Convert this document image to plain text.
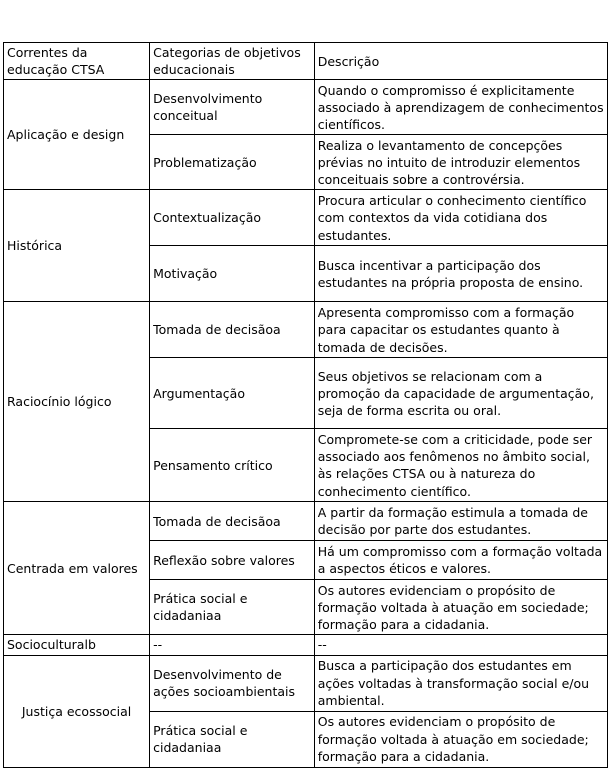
Correntes da educação CTSA	Categorias de objetivos educacionais	Descrição
Aplicação e design	Desenvolvimento conceitual	Quando o compromisso é explicitamente associado à aprendizagem de conhecimentos científicos.
	Problematização	Realiza o levantamento de concepções prévias no intuito de introduzir elementos conceituais sobre a controvérsia.
Histórica	Contextualização	Procura articular o conhecimento científico com contextos da vida cotidiana dos estudantes.
	Motivação	Busca incentivar a participação dos estudantes na própria proposta de ensino.
Raciocínio lógico	Tomada de decisãoa	Apresenta compromisso com a formação para capacitar os estudantes quanto à tomada de decisões.
	Argumentação	Seus objetivos se relacionam com a promoção da capacidade de argumentação, seja de forma escrita ou oral.
	Pensamento crítico	Compromete-se com a criticidade, pode ser associado aos fenômenos no âmbito social, às relações CTSA ou à natureza do conhecimento científico.
Centrada em valores	Tomada de decisãoa	A partir da formação estimula a tomada de decisão por parte dos estudantes.
	Reflexão sobre valores	Há um compromisso com a formação voltada a aspectos éticos e valores.
	Prática social e cidadaniaa	Os autores evidenciam o propósito de formação voltada à atuação em sociedade; formação para a cidadania.
Socioculturalb	--	--
Justiça ecossocial	Desenvolvimento de ações socioambientais	Busca a participação dos estudantes em ações voltadas à transformação social e/ou ambiental.
	Prática social e cidadaniaa	Os autores evidenciam o propósito de formação voltada à atuação em sociedade; formação para a cidadania.
